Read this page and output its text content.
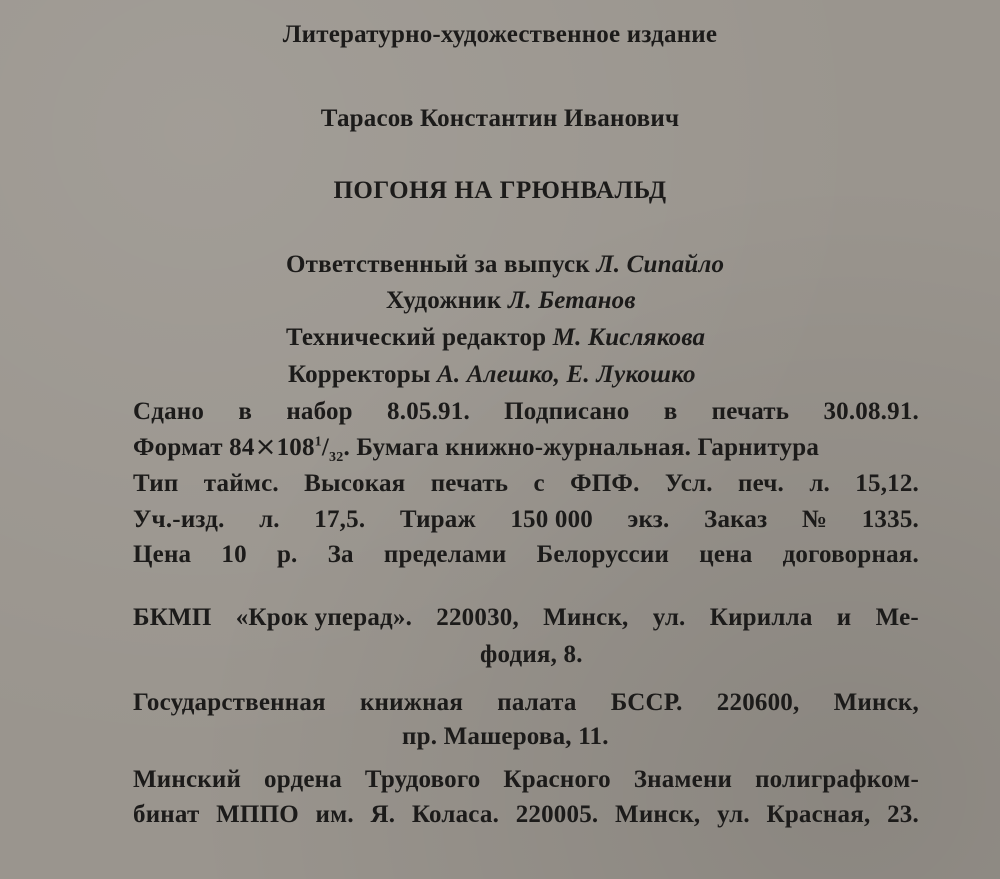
Литературно-художественное издание
Тарасов Константин Иванович
ПОГОНЯ НА ГРЮНВАЛЬД
Ответственный за выпуск Л. Сипайло
Художник Л. Бетанов
Технический редактор М. Кислякова
Корректоры А. Алешко, Е. Лукошко
Сдано в набор 8.05.91. Подписано в печать 30.08.91.
Формат $84\times 108^1/_{32}$. Бумага книжно-журнальная. Гарнитура
Тип таймс. Высокая печать с ФПФ. Усл. печ. л. 15,12.
Уч.-изд. л. 17,5. Тираж 150 000 экз. Заказ № 1335.
Цена 10 р. За пределами Белоруссии цена договорная.
БКМП «Крок уперад». 220030, Минск, ул. Кирилла и Ме-
фодия, 8.
Государственная книжная палата БССР. 220600, Минск,
пр. Машерова, 11.
Минский ордена Трудового Красного Знамени полиграфком-
бинат МППО им. Я. Коласа. 220005. Минск, ул. Красная, 23.
